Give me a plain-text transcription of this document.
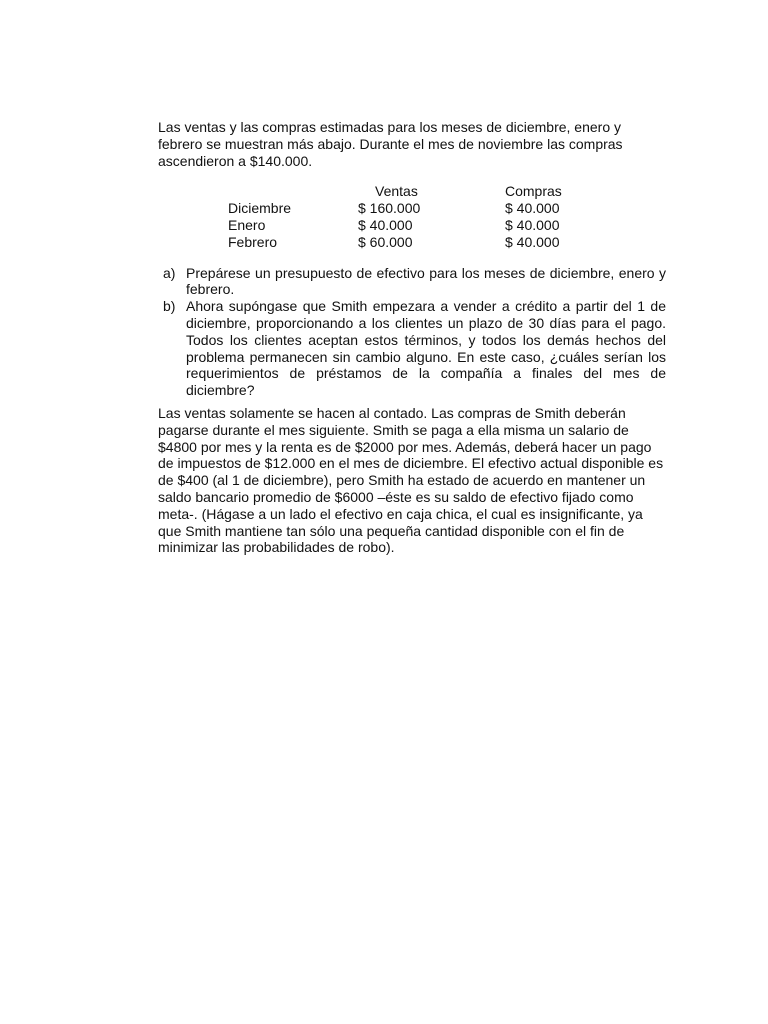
Las ventas y las compras estimadas para los meses de diciembre, enero y febrero se muestran más abajo. Durante el mes de noviembre las compras ascendieron a $140.000.

	Ventas	Compras
Diciembre	$ 160.000	$ 40.000
Enero	$ 40.000	$ 40.000
Febrero	$ 60.000	$ 40.000
a) Prepárese un presupuesto de efectivo para los meses de diciembre, enero y febrero.
b) Ahora supóngase que Smith empezara a vender a crédito a partir del 1 de diciembre, proporcionando a los clientes un plazo de 30 días para el pago. Todos los clientes aceptan estos términos, y todos los demás hechos del problema permanecen sin cambio alguno. En este caso, ¿cuáles serían los requerimientos de préstamos de la compañía a finales del mes de diciembre?

Las ventas solamente se hacen al contado. Las compras de Smith deberán pagarse durante el mes siguiente. Smith se paga a ella misma un salario de $4800 por mes y la renta es de $2000 por mes. Además, deberá hacer un pago de impuestos de $12.000 en el mes de diciembre. El efectivo actual disponible es de $400 (al 1 de diciembre), pero Smith ha estado de acuerdo en mantener un saldo bancario promedio de $6000 –éste es su saldo de efectivo fijado como meta-. (Hágase a un lado el efectivo en caja chica, el cual es insignificante, ya que Smith mantiene tan sólo una pequeña cantidad disponible con el fin de minimizar las probabilidades de robo).
